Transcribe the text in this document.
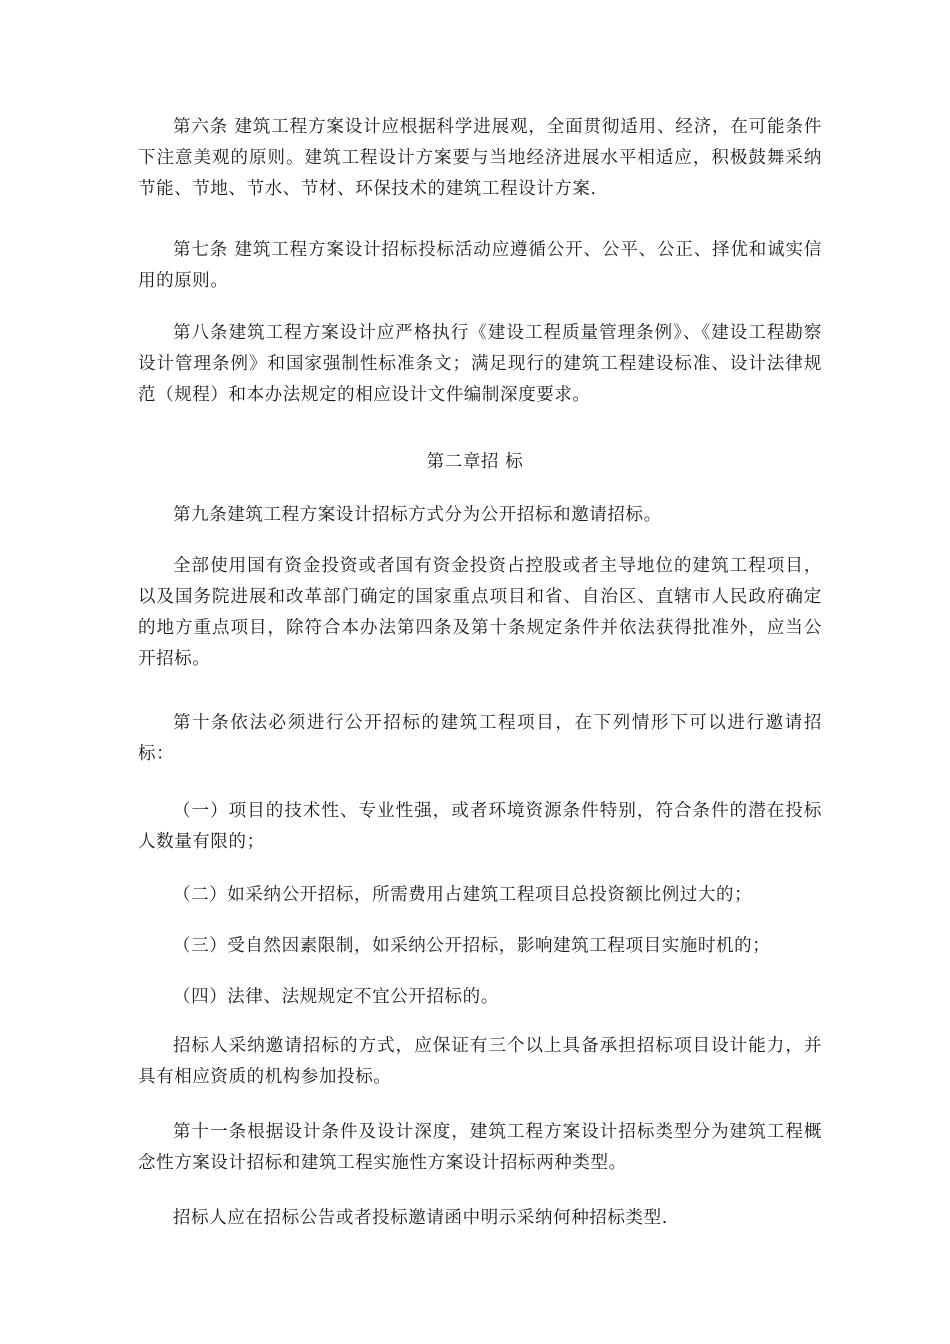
第六条 建筑工程方案设计应根据科学进展观，全面贯彻适用、经济，在可能条件下注意美观的原则。建筑工程设计方案要与当地经济进展水平相适应，积极鼓舞采纳节能、节地、节水、节材、环保技术的建筑工程设计方案.

第七条 建筑工程方案设计招标投标活动应遵循公开、公平、公正、择优和诚实信用的原则。

第八条建筑工程方案设计应严格执行《建设工程质量管理条例》、《建设工程勘察设计管理条例》和国家强制性标准条文；满足现行的建筑工程建设标准、设计法律规范（规程）和本办法规定的相应设计文件编制深度要求。

第二章招 标

第九条建筑工程方案设计招标方式分为公开招标和邀请招标。

全部使用国有资金投资或者国有资金投资占控股或者主导地位的建筑工程项目，以及国务院进展和改革部门确定的国家重点项目和省、自治区、直辖市人民政府确定的地方重点项目，除符合本办法第四条及第十条规定条件并依法获得批准外，应当公开招标。

第十条依法必须进行公开招标的建筑工程项目，在下列情形下可以进行邀请招标：

（一）项目的技术性、专业性强，或者环境资源条件特别，符合条件的潜在投标人数量有限的；

（二）如采纳公开招标，所需费用占建筑工程项目总投资额比例过大的；

（三）受自然因素限制，如采纳公开招标，影响建筑工程项目实施时机的；

（四）法律、法规规定不宜公开招标的。

招标人采纳邀请招标的方式，应保证有三个以上具备承担招标项目设计能力，并具有相应资质的机构参加投标。

第十一条根据设计条件及设计深度，建筑工程方案设计招标类型分为建筑工程概念性方案设计招标和建筑工程实施性方案设计招标两种类型。

招标人应在招标公告或者投标邀请函中明示采纳何种招标类型.
